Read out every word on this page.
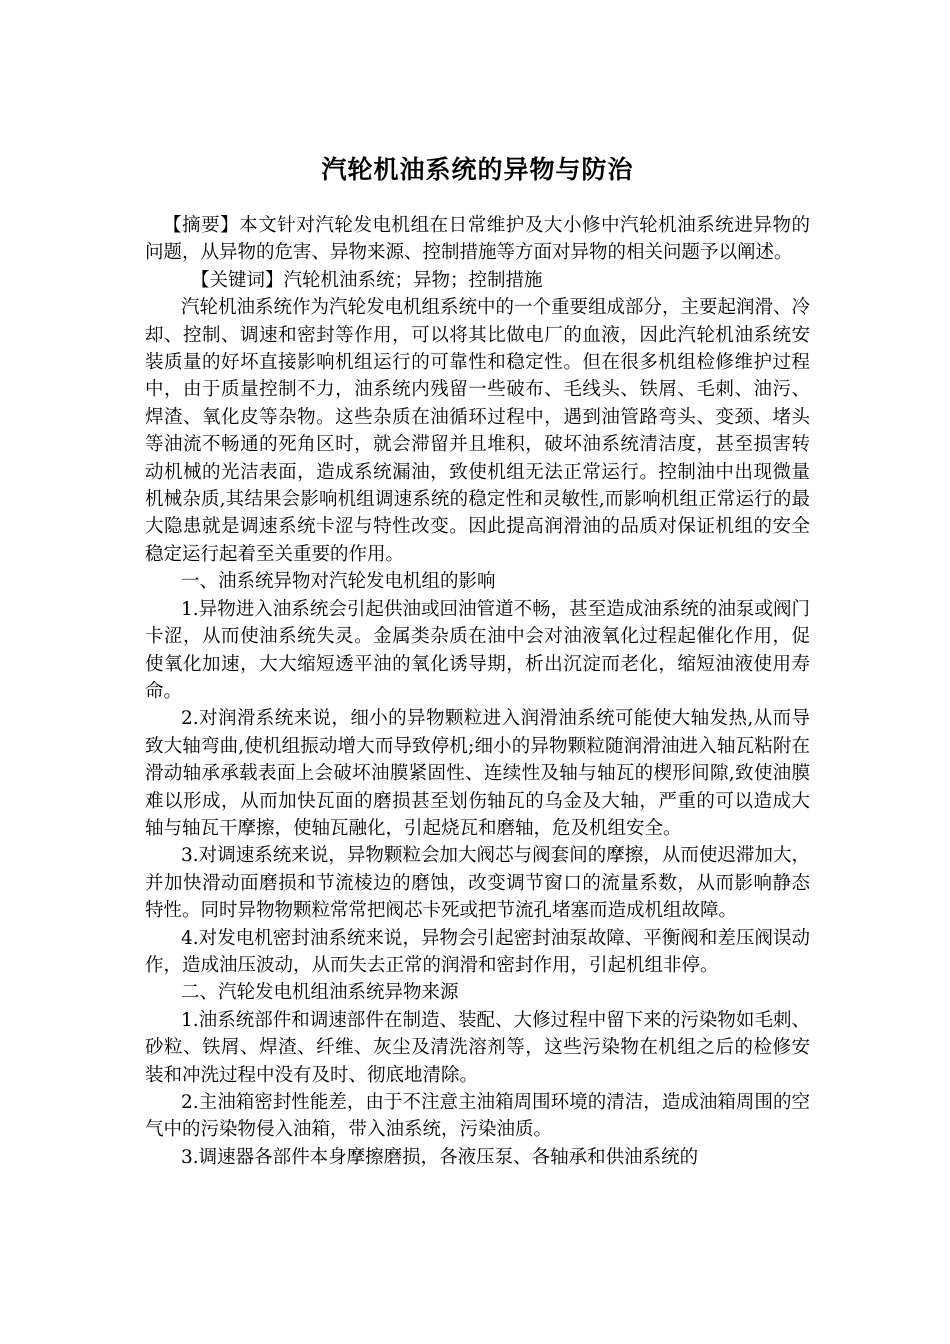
汽轮机油系统的异物与防治

【摘要】本文针对汽轮发电机组在日常维护及大小修中汽轮机油系统进异物的问题，从异物的危害、异物来源、控制措施等方面对异物的相关问题予以阐述。

【关键词】汽轮机油系统；异物；控制措施

汽轮机油系统作为汽轮发电机组系统中的一个重要组成部分，主要起润滑、冷却、控制、调速和密封等作用，可以将其比做电厂的血液，因此汽轮机油系统安装质量的好坏直接影响机组运行的可靠性和稳定性。但在很多机组检修维护过程中，由于质量控制不力，油系统内残留一些破布、毛线头、铁屑、毛刺、油污、焊渣、氧化皮等杂物。这些杂质在油循环过程中，遇到油管路弯头、变颈、堵头等油流不畅通的死角区时，就会滞留并且堆积，破坏油系统清洁度，甚至损害转动机械的光洁表面，造成系统漏油，致使机组无法正常运行。控制油中出现微量机械杂质,其结果会影响机组调速系统的稳定性和灵敏性,而影响机组正常运行的最大隐患就是调速系统卡涩与特性改变。因此提高润滑油的品质对保证机组的安全稳定运行起着至关重要的作用。

一、油系统异物对汽轮发电机组的影响

1.异物进入油系统会引起供油或回油管道不畅，甚至造成油系统的油泵或阀门卡涩，从而使油系统失灵。金属类杂质在油中会对油液氧化过程起催化作用，促使氧化加速，大大缩短透平油的氧化诱导期，析出沉淀而老化，缩短油液使用寿命。

2.对润滑系统来说，细小的异物颗粒进入润滑油系统可能使大轴发热,从而导致大轴弯曲,使机组振动增大而导致停机;细小的异物颗粒随润滑油进入轴瓦粘附在滑动轴承承载表面上会破坏油膜紧固性、连续性及轴与轴瓦的楔形间隙,致使油膜难以形成，从而加快瓦面的磨损甚至划伤轴瓦的乌金及大轴，严重的可以造成大轴与轴瓦干摩擦，使轴瓦融化，引起烧瓦和磨轴，危及机组安全。

3.对调速系统来说，异物颗粒会加大阀芯与阀套间的摩擦，从而使迟滞加大，并加快滑动面磨损和节流棱边的磨蚀，改变调节窗口的流量系数，从而影响静态特性。同时异物物颗粒常常把阀芯卡死或把节流孔堵塞而造成机组故障。

4.对发电机密封油系统来说，异物会引起密封油泵故障、平衡阀和差压阀误动作，造成油压波动，从而失去正常的润滑和密封作用，引起机组非停。

二、汽轮发电机组油系统异物来源

1.油系统部件和调速部件在制造、装配、大修过程中留下来的污染物如毛刺、砂粒、铁屑、焊渣、纤维、灰尘及清洗溶剂等，这些污染物在机组之后的检修安装和冲洗过程中没有及时、彻底地清除。

2.主油箱密封性能差，由于不注意主油箱周围环境的清洁，造成油箱周围的空气中的污染物侵入油箱，带入油系统，污染油质。

3.调速器各部件本身摩擦磨损，各液压泵、各轴承和供油系统的
